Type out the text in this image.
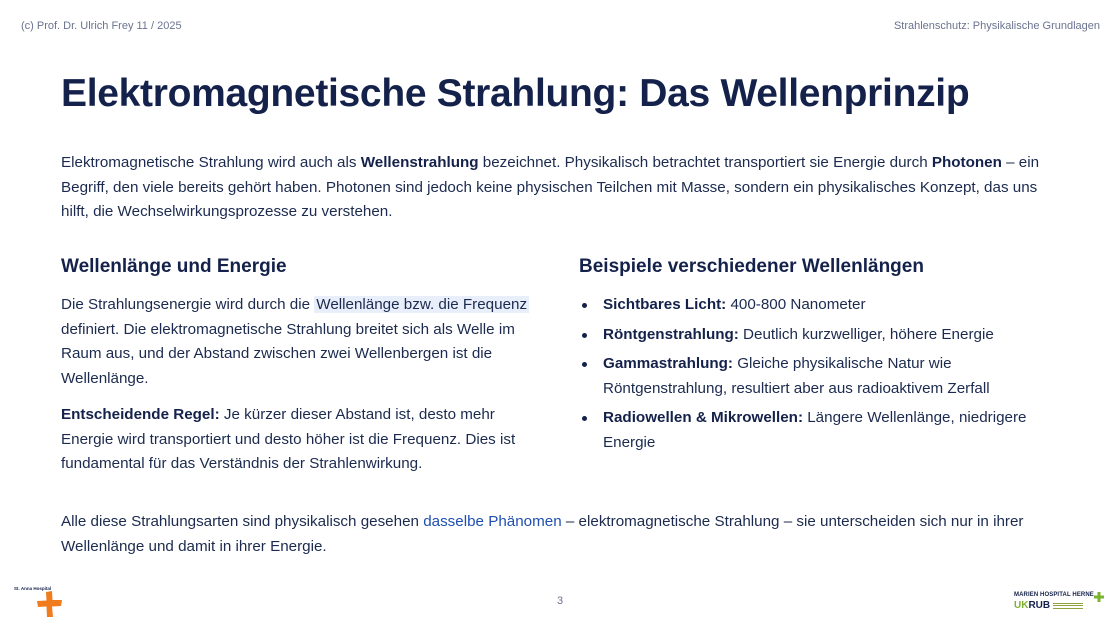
(c) Prof. Dr. Ulrich Frey 11 / 2025	Strahlenschutz: Physikalische Grundlagen
Elektromagnetische Strahlung: Das Wellenprinzip

Elektromagnetische Strahlung wird auch als Wellenstrahlung bezeichnet. Physikalisch betrachtet transportiert sie Energie durch Photonen – ein Begriff, den viele bereits gehört haben. Photonen sind jedoch keine physischen Teilchen mit Masse, sondern ein physikalisches Konzept, das uns hilft, die Wechselwirkungsprozesse zu verstehen.

Wellenlänge und Energie

Die Strahlungsenergie wird durch die Wellenlänge bzw. die Frequenz definiert. Die elektromagnetische Strahlung breitet sich als Welle im Raum aus, und der Abstand zwischen zwei Wellenbergen ist die Wellenlänge.

Entscheidende Regel: Je kürzer dieser Abstand ist, desto mehr Energie wird transportiert und desto höher ist die Frequenz. Dies ist fundamental für das Verständnis der Strahlenwirkung.

Beispiele verschiedener Wellenlängen
Sichtbares Licht: 400-800 Nanometer
Röntgenstrahlung: Deutlich kurzwelliger, höhere Energie
Gammastrahlung: Gleiche physikalische Natur wie Röntgenstrahlung, resultiert aber aus radioaktivem Zerfall
Radiowellen & Mikrowellen: Längere Wellenlänge, niedrigere Energie

Alle diese Strahlungsarten sind physikalisch gesehen dasselbe Phänomen – elektromagnetische Strahlung – sie unterscheiden sich nur in ihrer Wellenlänge und damit in ihrer Energie.

3
St. Anna Hospital
MARIEN HOSPITAL HERNE
UKRUB
